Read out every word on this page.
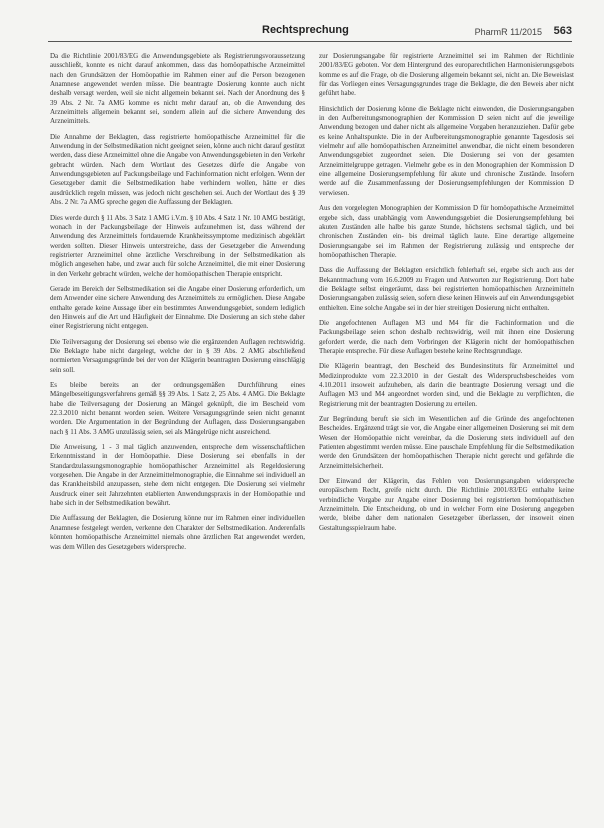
Rechtsprechung	PharmR 11/2015 563

Da die Richtlinie 2001/83/EG die Anwendungsgebiete als Registrierungsvoraussetzung ausschließt, konnte es nicht darauf ankommen, dass das homöopathische Arzneimittel nach den Grundsätzen der Homöopathie im Rahmen einer auf die Person bezogenen Anamnese angewendet werden müsse. Die beantragte Dosierung konnte auch nicht deshalb versagt werden, weil sie nicht allgemein bekannt sei. Nach der Anordnung des § 39 Abs. 2 Nr. 7a AMG komme es nicht mehr darauf an, ob die Anwendung des Arzneimittels allgemein bekannt sei, sondern allein auf die sichere Anwendung des Arzneimittels.

Die Annahme der Beklagten, dass registrierte homöopathische Arzneimittel für die Anwendung in der Selbstmedikation nicht geeignet seien, könne auch nicht darauf gestützt werden, dass diese Arzneimittel ohne die Angabe von Anwendungsgebieten in den Verkehr gebracht würden. Nach dem Wortlaut des Gesetzes dürfe die Angabe von Anwendungsgebieten auf Packungsbeilage und Fachinformation nicht erfolgen. Wenn der Gesetzgeber damit die Selbstmedikation habe verhindern wollen, hätte er dies ausdrücklich regeln müssen, was jedoch nicht geschehen sei. Auch der Wortlaut des § 39 Abs. 2 Nr. 7a AMG spreche gegen die Auffassung der Beklagten.

Dies werde durch § 11 Abs. 3 Satz 1 AMG i.V.m. § 10 Abs. 4 Satz 1 Nr. 10 AMG bestätigt, wonach in der Packungsbeilage der Hinweis aufzunehmen ist, dass während der Anwendung des Arzneimittels fortdauernde Krankheitssymptome medizinisch abgeklärt werden sollten. Dieser Hinweis unterstreiche, dass der Gesetzgeber die Anwendung registrierter Arzneimittel ohne ärztliche Verschreibung in der Selbstmedikation als möglich angesehen habe, und zwar auch für solche Arzneimittel, die mit einer Dosierung in den Verkehr gebracht würden, welche der homöopathischen Therapie entspricht.

Gerade im Bereich der Selbstmedikation sei die Angabe einer Dosierung erforderlich, um dem Anwender eine sichere Anwendung des Arzneimittels zu ermöglichen. Diese Angabe enthalte gerade keine Aussage über ein bestimmtes Anwendungsgebiet, sondern lediglich den Hinweis auf die Art und Häufigkeit der Einnahme. Die Dosierung an sich stehe daher einer Registrierung nicht entgegen.

Die Teilversagung der Dosierung sei ebenso wie die ergänzenden Auflagen rechtswidrig. Die Beklagte habe nicht dargelegt, welche der in § 39 Abs. 2 AMG abschließend normierten Versagungsgründe bei der von der Klägerin beantragten Dosierung einschlägig sein soll.

Es bleibe bereits an der ordnungsgemäßen Durchführung eines Mängelbeseitigungsverfahrens gemäß §§ 39 Abs. 1 Satz 2, 25 Abs. 4 AMG. Die Beklagte habe die Teilversagung der Dosierung an Mängel geknüpft, die im Bescheid vom 22.3.2010 nicht benannt worden seien. Weitere Versagungsgründe seien nicht genannt worden. Die Argumentation in der Begründung der Auflagen, dass Dosierungsangaben nach § 11 Abs. 3 AMG unzulässig seien, sei als Mängelrüge nicht ausreichend.

Die Anweisung, 1 - 3 mal täglich anzuwenden, entspreche dem wissenschaftlichen Erkenntnisstand in der Homöopathie. Diese Dosierung sei ebenfalls in der Standardzulassungsmonographie homöopathischer Arzneimittel als Regeldosierung vorgesehen. Die Angabe in der Arzneimittelmonographie, die Einnahme sei individuell an das Krankheitsbild anzupassen, stehe dem nicht entgegen. Die Dosierung sei vielmehr Ausdruck einer seit Jahrzehnten etablierten Anwendungspraxis in der Homöopathie und habe sich in der Selbstmedikation bewährt.

Die Auffassung der Beklagten, die Dosierung könne nur im Rahmen einer individuellen Anamnese festgelegt werden, verkenne den Charakter der Selbstmedikation. Anderenfalls könnten homöopathische Arzneimittel niemals ohne ärztlichen Rat angewendet werden, was dem Willen des Gesetzgebers widerspreche.

zur Dosierungsangabe für registrierte Arzneimittel sei im Rahmen der Richtlinie 2001/83/EG geboten. Vor dem Hintergrund des europarechtlichen Harmonisierungsgebots komme es auf die Frage, ob die Dosierung allgemein bekannt sei, nicht an. Die Beweislast für das Vorliegen eines Versagungsgrundes trage die Beklagte, die den Beweis aber nicht geführt habe.

Hinsichtlich der Dosierung könne die Beklagte nicht einwenden, die Dosierungsangaben in den Aufbereitungsmonographien der Kommission D seien nicht auf die jeweilige Anwendung bezogen und daher nicht als allgemeine Vorgaben heranzuziehen. Dafür gebe es keine Anhaltspunkte. Die in der Aufbereitungsmonographie genannte Tagesdosis sei vielmehr auf alle homöopathischen Arzneimittel anwendbar, die nicht einem besonderen Anwendungsgebiet zugeordnet seien. Die Dosierung sei von der gesamten Arzneimittelgruppe getragen. Vielmehr gebe es in den Monographien der Kommission D eine allgemeine Dosierungsempfehlung für akute und chronische Zustände. Insofern werde auf die Zusammenfassung der Dosierungsempfehlungen der Kommission D verwiesen.

Aus den vorgelegten Monographien der Kommission D für homöopathische Arzneimittel ergebe sich, dass unabhängig vom Anwendungsgebiet die Dosierungsempfehlung bei akuten Zuständen alle halbe bis ganze Stunde, höchstens sechsmal täglich, und bei chronischen Zuständen ein- bis dreimal täglich laute. Eine derartige allgemeine Dosierungsangabe sei im Rahmen der Registrierung zulässig und entspreche der homöopathischen Therapie.

Dass die Auffassung der Beklagten ersichtlich fehlerhaft sei, ergebe sich auch aus der Bekanntmachung vom 16.6.2009 zu Fragen und Antworten zur Registrierung. Dort habe die Beklagte selbst eingeräumt, dass bei registrierten homöopathischen Arzneimitteln Dosierungsangaben zulässig seien, sofern diese keinen Hinweis auf ein Anwendungsgebiet enthielten. Eine solche Angabe sei in der hier streitigen Dosierung nicht enthalten.

Die angefochtenen Auflagen M3 und M4 für die Fachinformation und die Packungsbeilage seien schon deshalb rechtswidrig, weil mit ihnen eine Dosierung gefordert werde, die nach dem Vorbringen der Klägerin nicht der homöopathischen Therapie entspreche. Für diese Auflagen bestehe keine Rechtsgrundlage.

Die Klägerin beantragt, den Bescheid des Bundesinstituts für Arzneimittel und Medizinprodukte vom 22.3.2010 in der Gestalt des Widerspruchsbescheides vom 4.10.2011 insoweit aufzuheben, als darin die beantragte Dosierung versagt und die Auflagen M3 und M4 angeordnet worden sind, und die Beklagte zu verpflichten, die Registrierung mit der beantragten Dosierung zu erteilen.

Zur Begründung beruft sie sich im Wesentlichen auf die Gründe des angefochtenen Bescheides. Ergänzend trägt sie vor, die Angabe einer allgemeinen Dosierung sei mit dem Wesen der Homöopathie nicht vereinbar, da die Dosierung stets individuell auf den Patienten abgestimmt werden müsse. Eine pauschale Empfehlung für die Selbstmedikation werde den Grundsätzen der homöopathischen Therapie nicht gerecht und gefährde die Arzneimittelsicherheit.

Der Einwand der Klägerin, das Fehlen von Dosierungsangaben widerspreche europäischem Recht, greife nicht durch. Die Richtlinie 2001/83/EG enthalte keine verbindliche Vorgabe zur Angabe einer Dosierung bei registrierten homöopathischen Arzneimitteln. Die Entscheidung, ob und in welcher Form eine Dosierung angegeben werde, bleibe daher dem nationalen Gesetzgeber überlassen, der insoweit einen Gestaltungsspielraum habe.
